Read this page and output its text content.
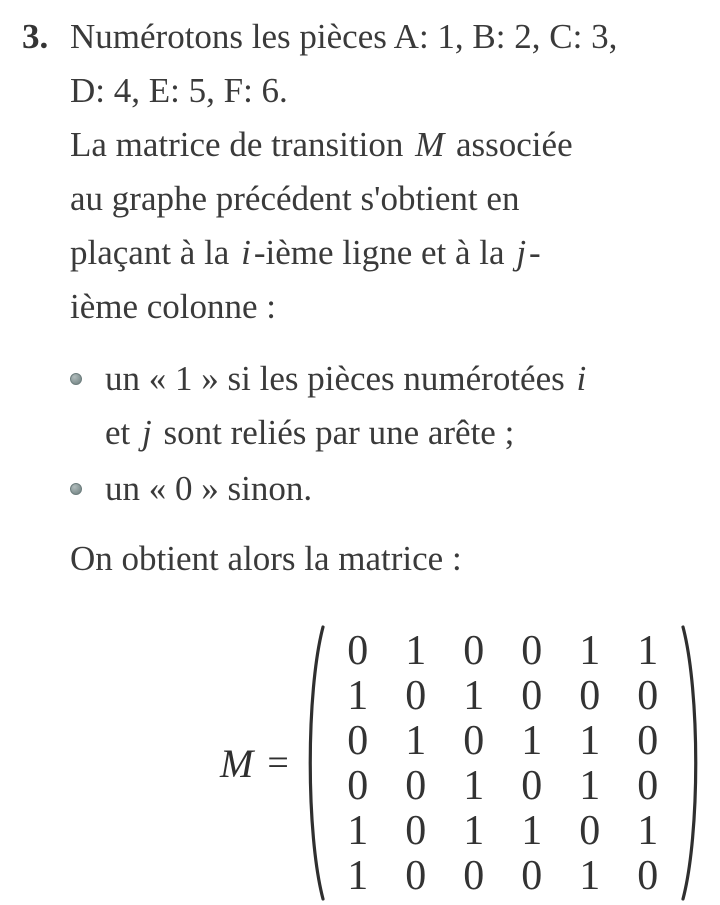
3. Numérotons les pièces A: 1, B: 2, C: 3,
D: 4, E: 5, F: 6.
La matrice de transition M associée
au graphe précédent s'obtient en
plaçant à la i-ième ligne et à la j-
ième colonne :
un « 1 » si les pièces numérotées i
et j sont reliés par une arête ;
un « 0 » sinon.
On obtient alors la matrice :
M =
0 1 0 0 1 1
1 0 1 0 0 0
0 1 0 1 1 0
0 0 1 0 1 0
1 0 1 1 0 1
1 0 0 0 1 0
